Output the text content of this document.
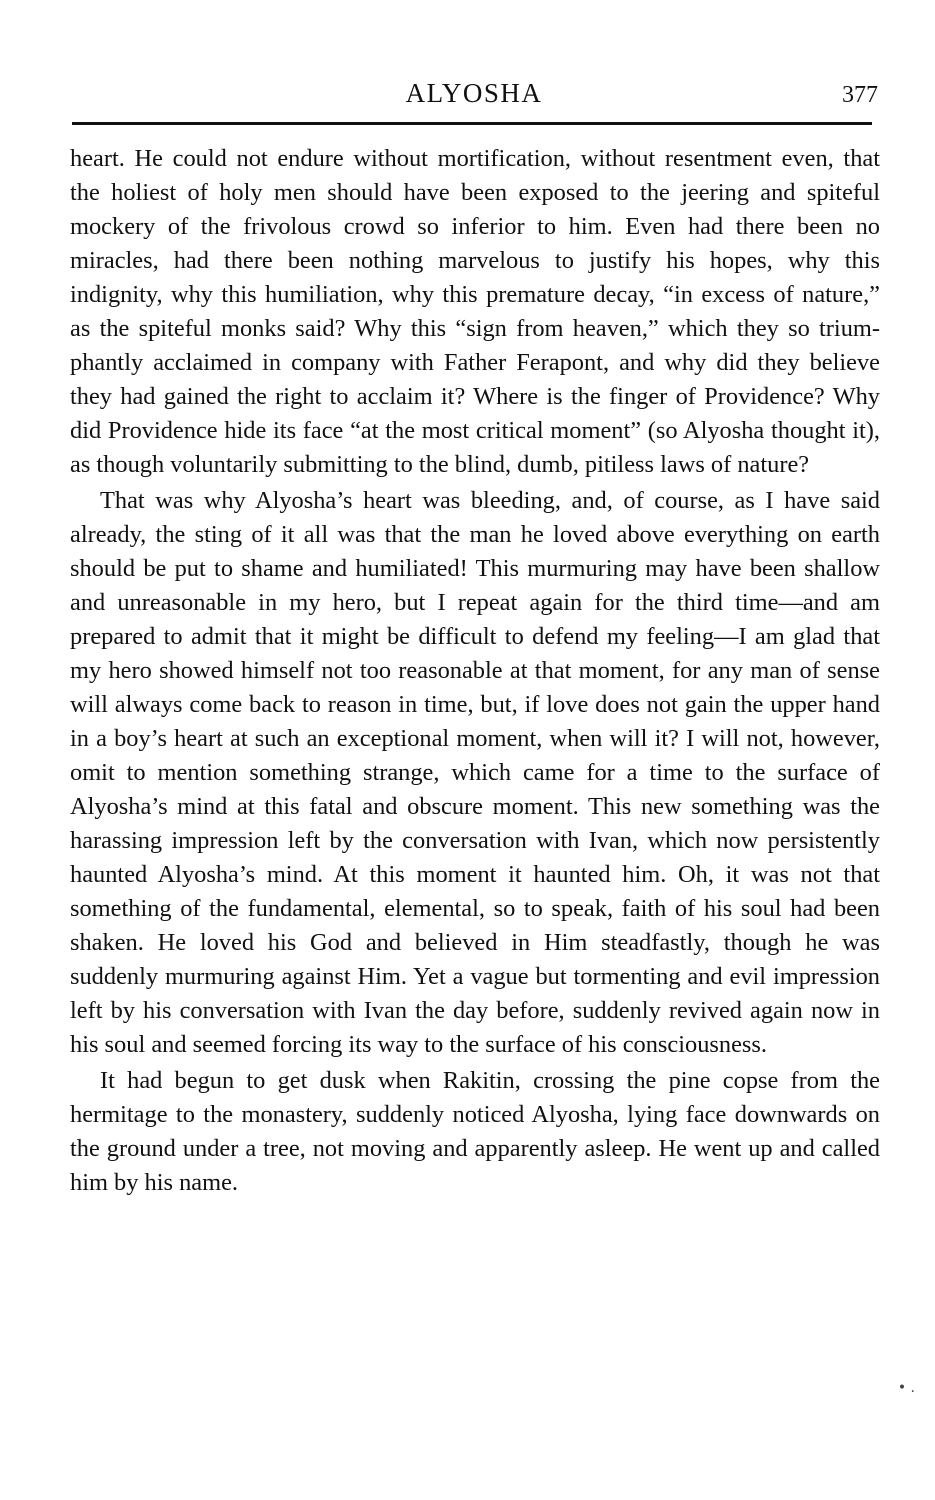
ALYOSHA	377

heart. He could not endure without mortification, without resentment even, that the holiest of holy men should have been exposed to the jeering and spiteful mockery of the frivolous crowd so inferior to him. Even had there been no miracles, had there been nothing marvelous to justify his hopes, why this indignity, why this humiliation, why this premature decay, “in excess of nature,” as the spiteful monks said? Why this “sign from heaven,” which they so triumphantly acclaimed in company with Father Ferapont, and why did they believe they had gained the right to acclaim it? Where is the finger of Providence? Why did Providence hide its face “at the most critical moment” (so Alyosha thought it), as though voluntarily submitting to the blind, dumb, pitiless laws of nature?

That was why Alyosha’s heart was bleeding, and, of course, as I have said already, the sting of it all was that the man he loved above everything on earth should be put to shame and humiliated! This murmuring may have been shallow and unreasonable in my hero, but I repeat again for the third time—and am prepared to admit that it might be difficult to defend my feeling—I am glad that my hero showed himself not too reasonable at that moment, for any man of sense will always come back to reason in time, but, if love does not gain the upper hand in a boy’s heart at such an exceptional moment, when will it? I will not, however, omit to mention something strange, which came for a time to the surface of Alyosha’s mind at this fatal and obscure moment. This new something was the harassing impression left by the conversation with Ivan, which now persistently haunted Alyosha’s mind. At this moment it haunted him. Oh, it was not that something of the fundamental, elemental, so to speak, faith of his soul had been shaken. He loved his God and believed in Him steadfastly, though he was suddenly murmuring against Him. Yet a vague but tormenting and evil impression left by his conversation with Ivan the day before, suddenly revived again now in his soul and seemed forcing its way to the surface of his consciousness.

It had begun to get dusk when Rakitin, crossing the pine copse from the hermitage to the monastery, suddenly noticed Alyosha, lying face downwards on the ground under a tree, not moving and apparently asleep. He went up and called him by his name.

• .
